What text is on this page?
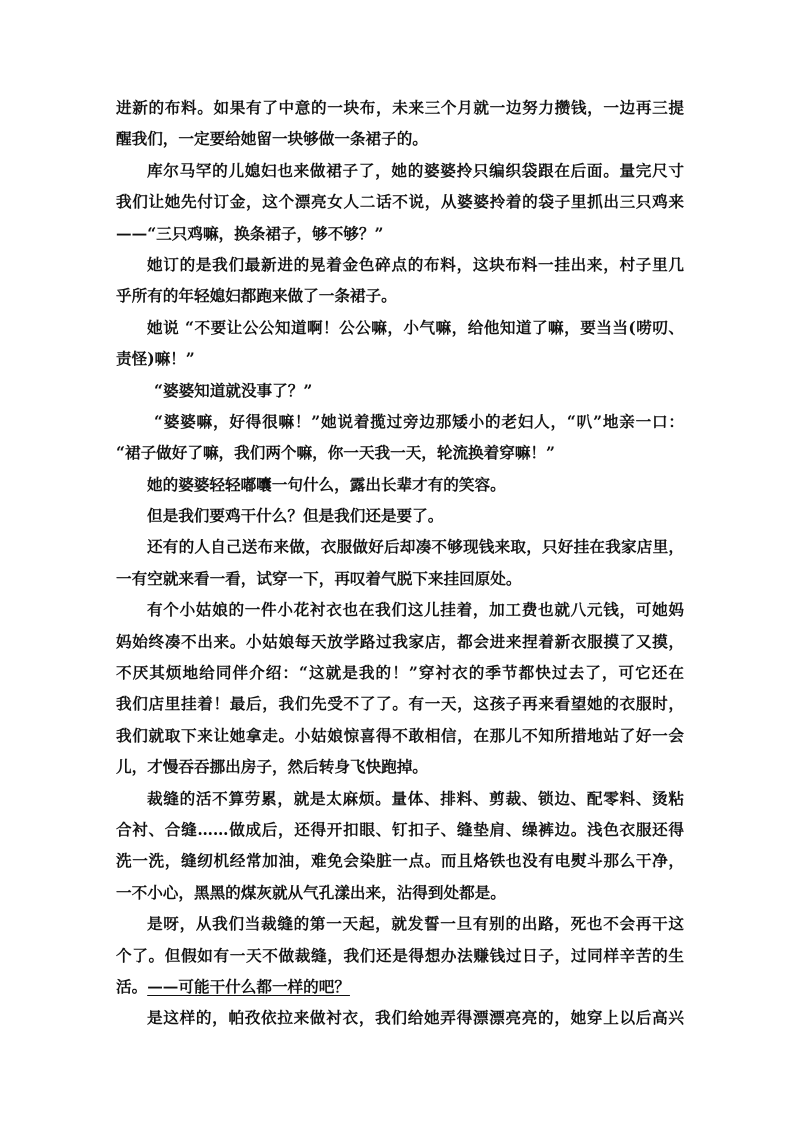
进新的布料。如果有了中意的一块布，未来三个月就一边努力攒钱，一边再三提
醒我们，一定要给她留一块够做一条裙子的。
库尔马罕的儿媳妇也来做裙子了，她的婆婆拎只编织袋跟在后面。量完尺寸
我们让她先付订金，这个漂亮女人二话不说，从婆婆拎着的袋子里抓出三只鸡来
——“三只鸡嘛，换条裙子，够不够？”
她订的是我们最新进的晃着金色碎点的布料，这块布料一挂出来，村子里几
乎所有的年轻媳妇都跑来做了一条裙子。
她说 “不要让公公知道啊！公公嘛，小气嘛，给他知道了嘛，要当当(唠叨、
责怪)嘛！”
“婆婆知道就没事了？”
“婆婆嘛，好得很嘛！”她说着揽过旁边那矮小的老妇人，“叭”地亲一口：
“裙子做好了嘛，我们两个嘛，你一天我一天，轮流换着穿嘛！”
她的婆婆轻轻嘟囔一句什么，露出长辈才有的笑容。
但是我们要鸡干什么？但是我们还是要了。
还有的人自己送布来做，衣服做好后却凑不够现钱来取，只好挂在我家店里，
一有空就来看一看，试穿一下，再叹着气脱下来挂回原处。
有个小姑娘的一件小花衬衣也在我们这儿挂着，加工费也就八元钱，可她妈
妈始终凑不出来。小姑娘每天放学路过我家店，都会进来捏着新衣服摸了又摸，
不厌其烦地给同伴介绍：“这就是我的！”穿衬衣的季节都快过去了，可它还在
我们店里挂着！最后，我们先受不了了。有一天，这孩子再来看望她的衣服时，
我们就取下来让她拿走。小姑娘惊喜得不敢相信，在那儿不知所措地站了好一会
儿，才慢吞吞挪出房子，然后转身飞快跑掉。
裁缝的活不算劳累，就是太麻烦。量体、排料、剪裁、锁边、配零料、烫粘
合衬、合缝……做成后，还得开扣眼、钉扣子、缝垫肩、缲裤边。浅色衣服还得
洗一洗，缝纫机经常加油，难免会染脏一点。而且烙铁也没有电熨斗那么干净，
一不小心，黑黑的煤灰就从气孔漾出来，沾得到处都是。
是呀，从我们当裁缝的第一天起，就发誓一旦有别的出路，死也不会再干这
个了。但假如有一天不做裁缝，我们还是得想办法赚钱过日子，过同样辛苦的生
活。——可能干什么都一样的吧？
是这样的，帕孜依拉来做衬衣，我们给她弄得漂漂亮亮的，她穿上以后高兴
